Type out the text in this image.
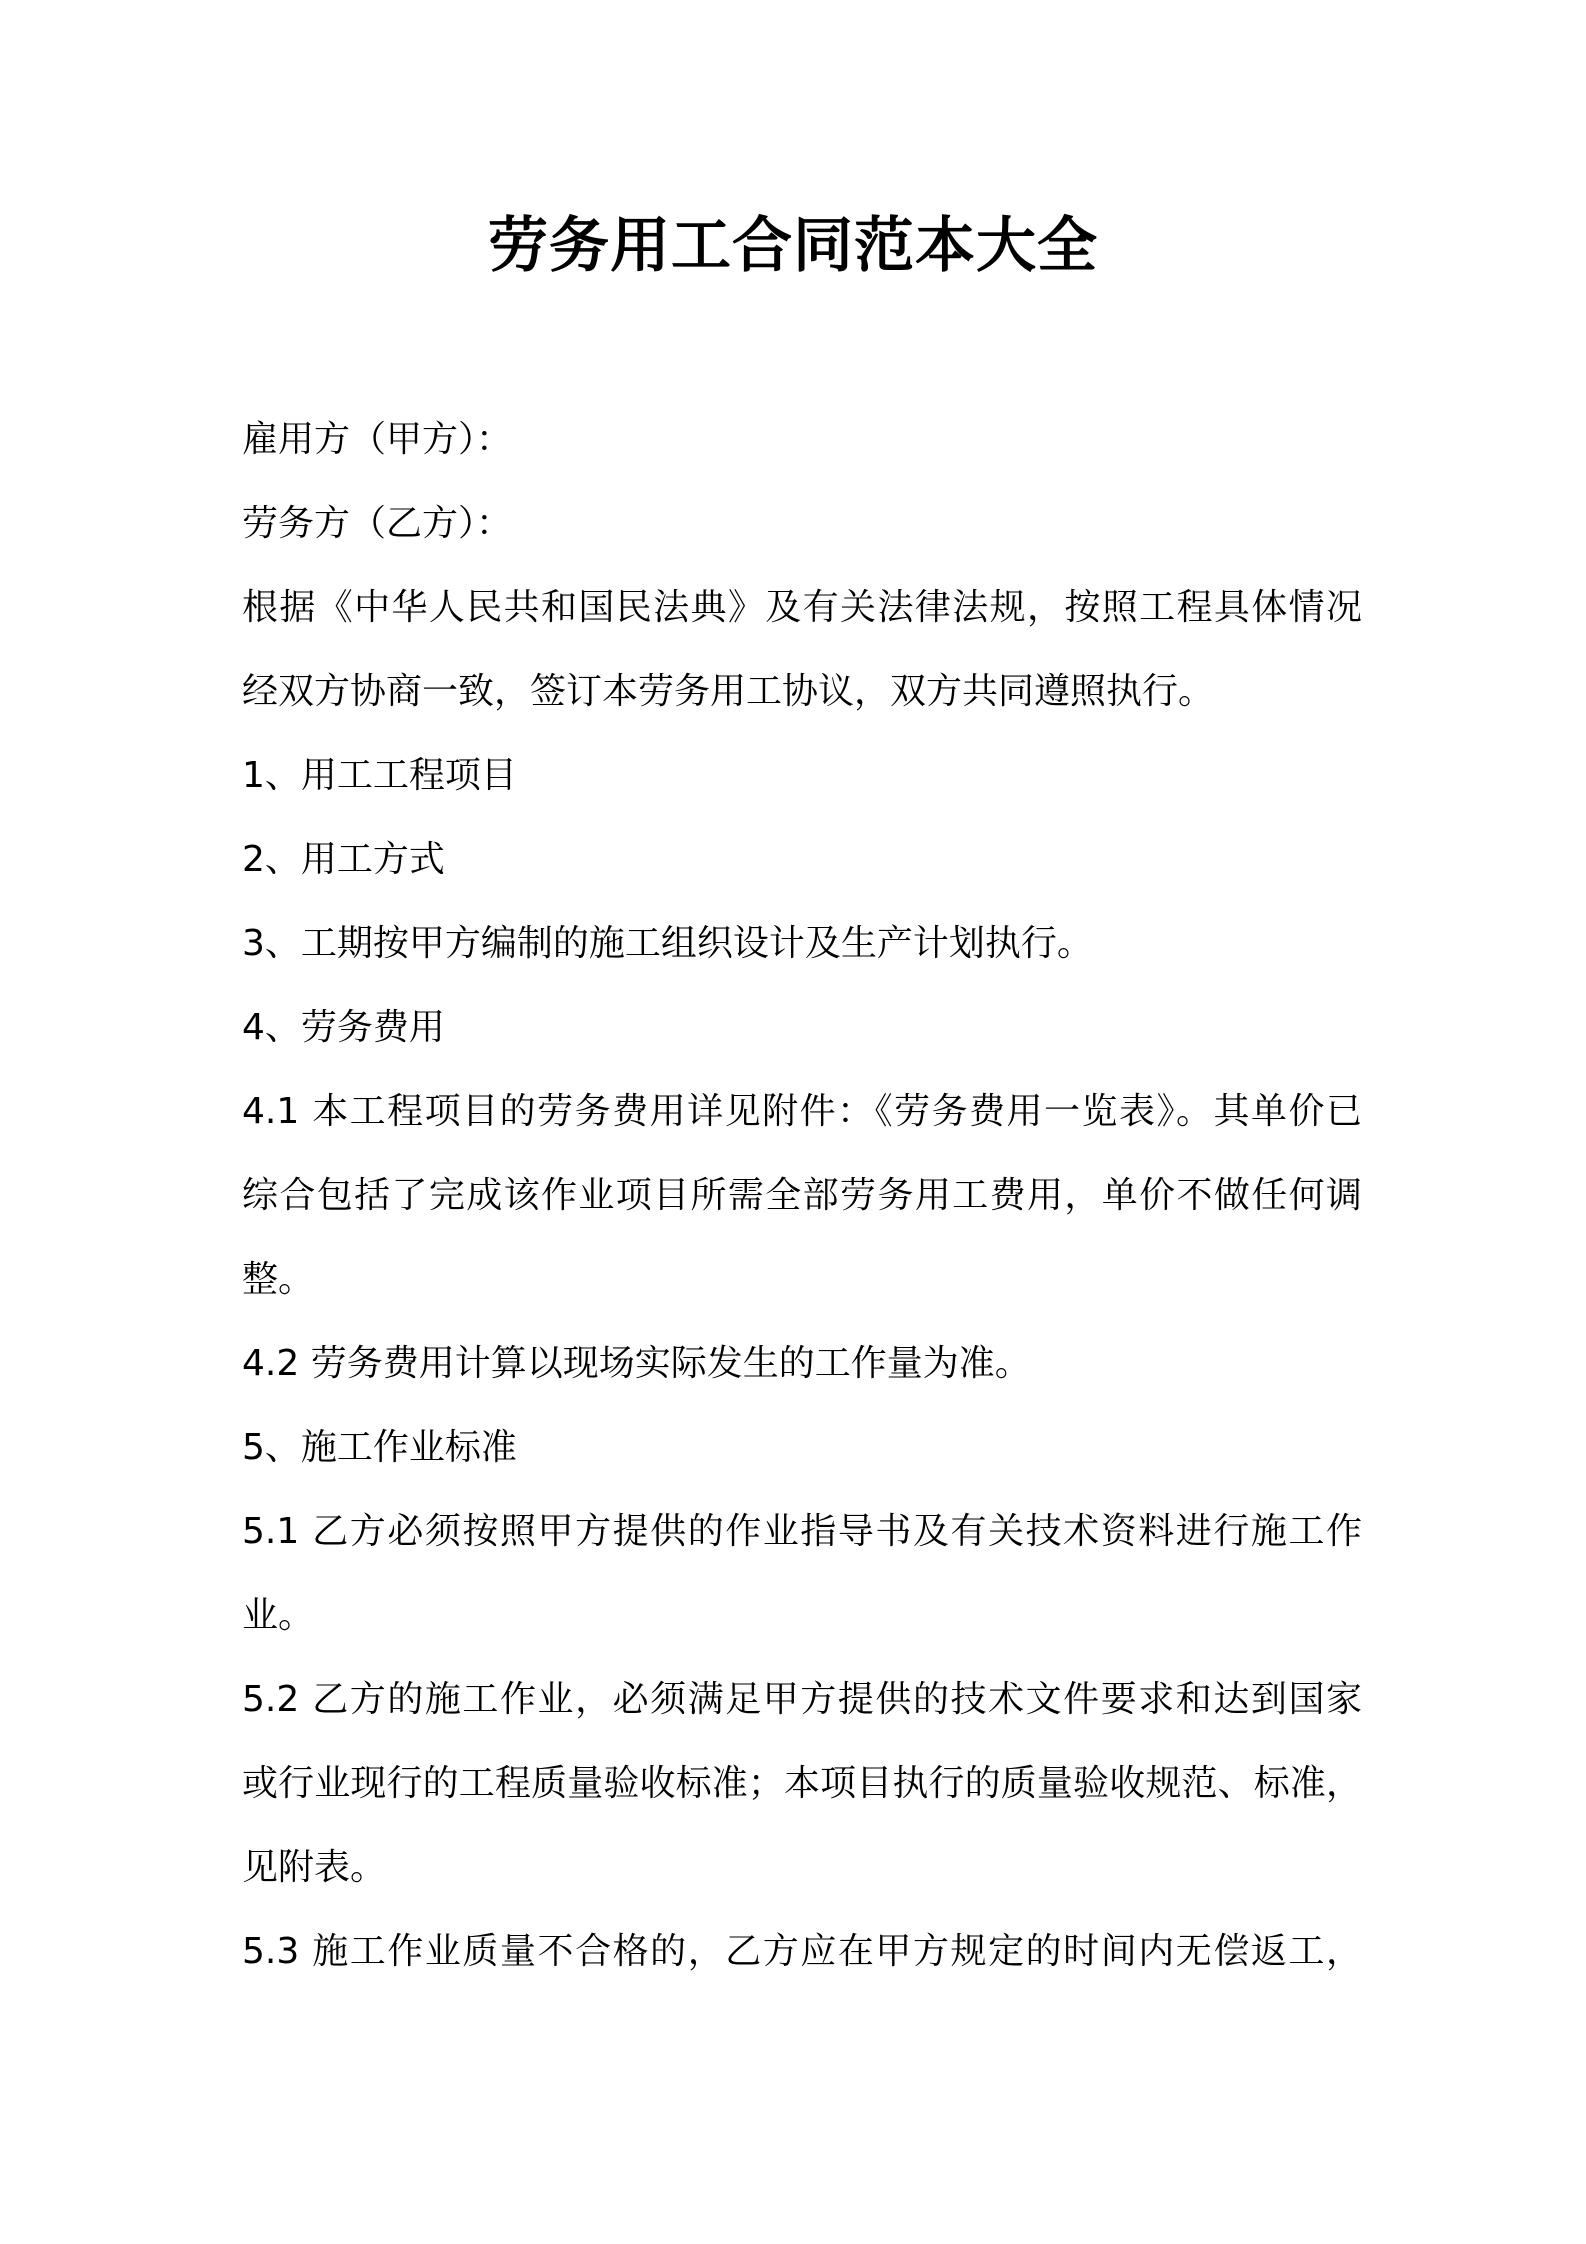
劳务用工合同范本大全
雇用方（甲方）：
劳务方（乙方）：
根据《中华人民共和国民法典》及有关法律法规，按照工程具体情况
经双方协商一致，签订本劳务用工协议，双方共同遵照执行。
1、用工工程项目
2、用工方式
3、工期按甲方编制的施工组织设计及生产计划执行。
4、劳务费用
4.1 本工程项目的劳务费用详见附件：《劳务费用一览表》。其单价已
综合包括了完成该作业项目所需全部劳务用工费用，单价不做任何调
整。
4.2 劳务费用计算以现场实际发生的工作量为准。
5、施工作业标准
5.1 乙方必须按照甲方提供的作业指导书及有关技术资料进行施工作
业。
5.2 乙方的施工作业，必须满足甲方提供的技术文件要求和达到国家
或行业现行的工程质量验收标准；本项目执行的质量验收规范、标准，
见附表。
5.3 施工作业质量不合格的，乙方应在甲方规定的时间内无偿返工，
